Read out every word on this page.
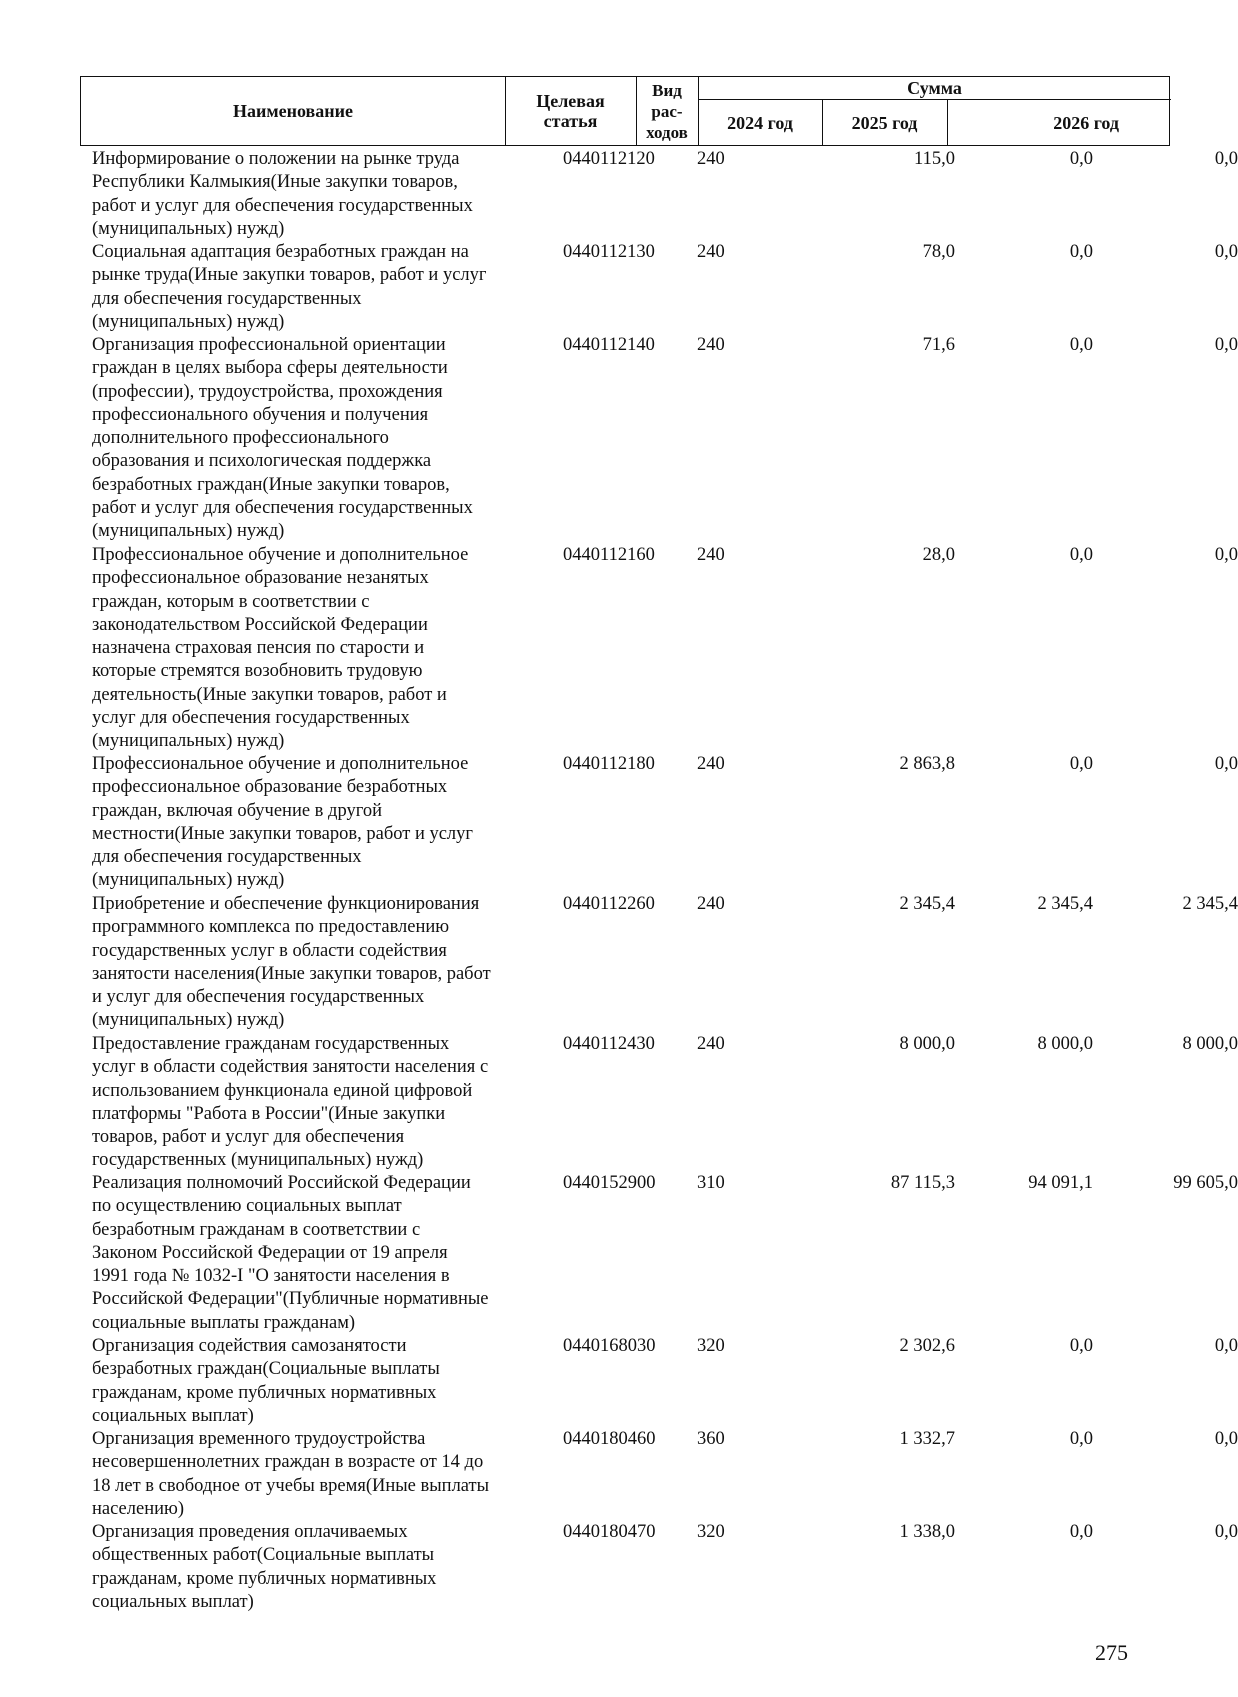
Наименование	Целевая
статья
Вид
рас-
ходов
Сумма
2024 год	2025 год	2026 год
Информирование о положении на рынке труда
Республики Калмыкия(Иные закупки товаров,
работ и услуг для обеспечения государственных
(муниципальных) нужд)
0440112120	240	115,0	0,0	0,0
Социальная адаптация безработных граждан на
рынке труда(Иные закупки товаров, работ и услуг
для обеспечения государственных
(муниципальных) нужд)
0440112130	240	78,0	0,0	0,0
Организация профессиональной ориентации
граждан в целях выбора сферы деятельности
(профессии), трудоустройства, прохождения
профессионального обучения и получения
дополнительного профессионального
образования и психологическая поддержка
безработных граждан(Иные закупки товаров,
работ и услуг для обеспечения государственных
(муниципальных) нужд)
0440112140	240	71,6	0,0	0,0
Профессиональное обучение и дополнительное
профессиональное образование незанятых
граждан, которым в соответствии с
законодательством Российской Федерации
назначена страховая пенсия по старости и
которые стремятся возобновить трудовую
деятельность(Иные закупки товаров, работ и
услуг для обеспечения государственных
(муниципальных) нужд)
0440112160	240	28,0	0,0	0,0
Профессиональное обучение и дополнительное
профессиональное образование безработных
граждан, включая обучение в другой
местности(Иные закупки товаров, работ и услуг
для обеспечения государственных
(муниципальных) нужд)
0440112180	240	2 863,8	0,0	0,0
Приобретение и обеспечение функционирования
программного комплекса по предоставлению
государственных услуг в области содействия
занятости населения(Иные закупки товаров, работ
и услуг для обеспечения государственных
(муниципальных) нужд)
0440112260	240	2 345,4	2 345,4	2 345,4
Предоставление гражданам государственных
услуг в области содействия занятости населения с
использованием функционала единой цифровой
платформы "Работа в России"(Иные закупки
товаров, работ и услуг для обеспечения
государственных (муниципальных) нужд)
0440112430	240	8 000,0	8 000,0	8 000,0
Реализация полномочий Российской Федерации
по осуществлению социальных выплат
безработным гражданам в соответствии с
Законом Российской Федерации от 19 апреля
1991 года № 1032-I "О занятости населения в
Российской Федерации"(Публичные нормативные
социальные выплаты гражданам)
0440152900	310	87 115,3	94 091,1	99 605,0
Организация содействия самозанятости
безработных граждан(Социальные выплаты
гражданам, кроме публичных нормативных
социальных выплат)
0440168030	320	2 302,6	0,0	0,0
Организация временного трудоустройства
несовершеннолетних граждан в возрасте от 14 до
18 лет в свободное от учебы время(Иные выплаты
населению)
0440180460	360	1 332,7	0,0	0,0
Организация проведения оплачиваемых
общественных работ(Социальные выплаты
гражданам, кроме публичных нормативных
социальных выплат)
0440180470	320	1 338,0	0,0	0,0
275
